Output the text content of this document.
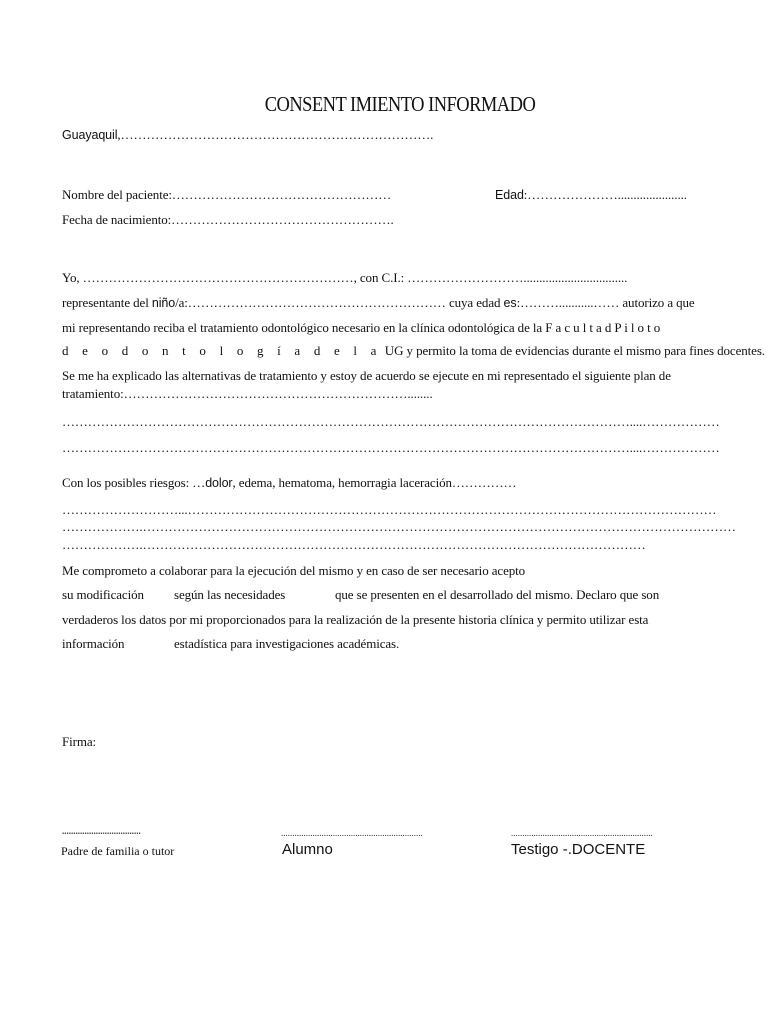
CONSENT IMIENTO INFORMADO
Guayaquil,……………………………………………………………….
Nombre del paciente:……………………………………………	Edad:…………………......................
Fecha de nacimiento:…………………………………………….
Yo, ………………………………………………………, con C.I.: ……………………….................................
representante del niño/a:…………………………………………………… cuya edad es:………...........…… autorizo a que
mi representando reciba el tratamiento odontológico necesario en la clínica odontológica de la F a c u l t a d P i l o t o
d e o d o n t o l o g í a d e l a UG y permito la toma de evidencias durante el mismo para fines docentes.
Se me ha explicado las alternativas de tratamiento y estoy de acuerdo se ejecute en mi representado el siguiente plan de
tratamiento:…………………………………………………………........
……………………………………………………………………………………………………………………....………………
……………………………………………………………………………………………………………………....………………
Con los posibles riesgos: …dolor, edema, hematoma, hemorragia laceración……………
………………………...……………………………………………………………………………………………………………
……………….…………………………………………………………………………………………………………………………
……………….………………………………………………………………………………………………………
Me comprometo a colaborar para la ejecución del mismo y en caso de ser necesario acepto
su modificación según las necesidades	que se presenten en el desarrollado del mismo. Declaro que son
verdaderos los datos por mi proporcionados para la realización de la presente historia clínica y permito utilizar esta
información	estadística para investigaciones académicas.
Firma:
...................................	...............................................................	...............................................................
Padre de familia o tutor	Alumno	Testigo -.DOCENTE
